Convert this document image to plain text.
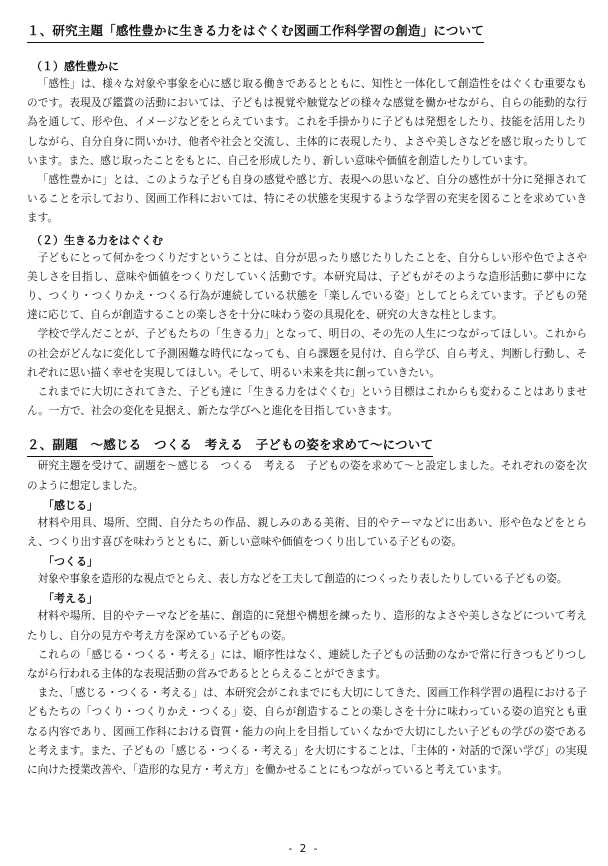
１、研究主題「感性豊かに生きる力をはぐくむ図画工作科学習の創造」について
（１）感性豊かに

「感性」は、様々な対象や事象を心に感じ取る働きであるとともに、知性と一体化して創造性をはぐくむ重要なものです。表現及び鑑賞の活動においては、子どもは視覚や触覚などの様々な感覚を働かせながら、自らの能動的な行為を通して、形や色、イメージなどをとらえています。これを手掛かりに子どもは発想をしたり、技能を活用したりしながら、自分自身に問いかけ、他者や社会と交流し、主体的に表現したり、よさや美しさなどを感じ取ったりしています。また、感じ取ったことをもとに、自己を形成したり、新しい意味や価値を創造したりしています。

「感性豊かに」とは、このような子ども自身の感覚や感じ方、表現への思いなど、自分の感性が十分に発揮されていることを示しており、図画工作科においては、特にその状態を実現するような学習の充実を図ることを求めていきます。

（２）生きる力をはぐくむ

子どもにとって何かをつくりだすということは、自分が思ったり感じたりしたことを、自分らしい形や色でよさや美しさを目指し、意味や価値をつくりだしていく活動です。本研究局は、子どもがそのような造形活動に夢中になり、つくり・つくりかえ・つくる行為が連続している状態を「楽しんでいる姿」としてとらえています。子どもの発達に応じて、自らが創造することの楽しさを十分に味わう姿の具現化を、研究の大きな柱とします。

学校で学んだことが、子どもたちの「生きる力」となって、明日の、その先の人生につながってほしい。これからの社会がどんなに変化して予測困難な時代になっても、自ら課題を見付け、自ら学び、自ら考え、判断し行動し、それぞれに思い描く幸せを実現してほしい。そして、明るい未来を共に創っていきたい。

これまでに大切にされてきた、子ども達に「生きる力をはぐくむ」という目標はこれからも変わることはありません。一方で、社会の変化を見据え、新たな学びへと進化を目指していきます。

２、副題　～感じる　つくる　考える　子どもの姿を求めて～について

研究主題を受けて、副題を～感じる　つくる　考える　子どもの姿を求めて～と設定しました。それぞれの姿を次のように想定しました。

「感じる」

材料や用具、場所、空間、自分たちの作品、親しみのある美術、目的やテーマなどに出あい、形や色などをとらえ、つくり出す喜びを味わうとともに、新しい意味や価値をつくり出している子どもの姿。

「つくる」

対象や事象を造形的な視点でとらえ、表し方などを工夫して創造的につくったり表したりしている子どもの姿。

「考える」

材料や場所、目的やテーマなどを基に、創造的に発想や構想を練ったり、造形的なよさや美しさなどについて考えたりし、自分の見方や考え方を深めている子どもの姿。

これらの「感じる・つくる・考える」には、順序性はなく、連続した子どもの活動のなかで常に行きつもどりつしながら行われる主体的な表現活動の営みであるととらえることができます。

また、「感じる・つくる・考える」は、本研究会がこれまでにも大切にしてきた、図画工作科学習の過程における子どもたちの「つくり・つくりかえ・つくる」姿、自らが創造することの楽しさを十分に味わっている姿の追究とも重なる内容であり、図画工作科における資質・能力の向上を目指していくなかで大切にしたい子どもの学びの姿であると考えます。また、子どもの「感じる・つくる・考える」を大切にすることは、「主体的・対話的で深い学び」の実現に向けた授業改善や、「造形的な見方・考え方」を働かせることにもつながっていると考えています。

- 2 -
